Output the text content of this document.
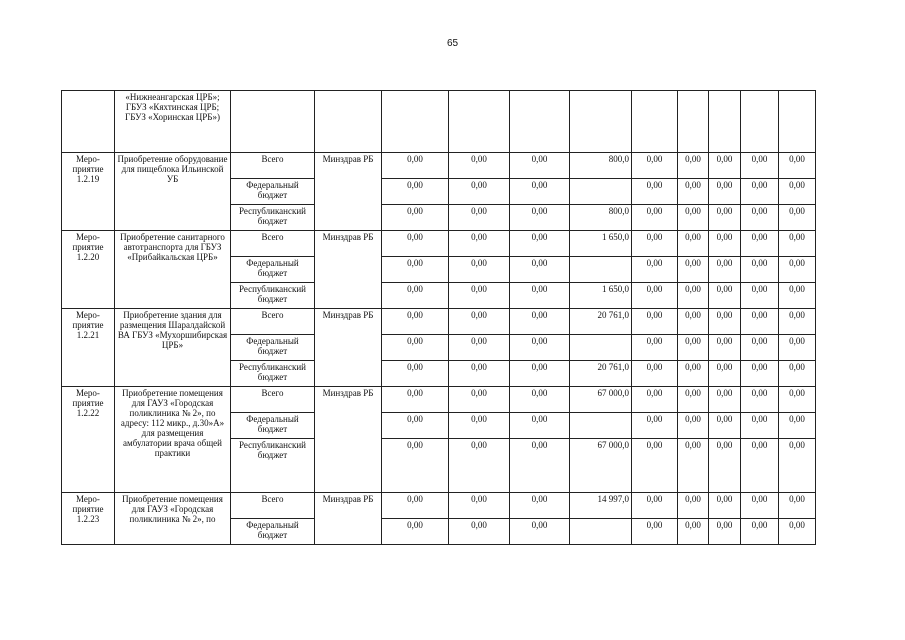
65
	«Нижнеангарская ЦРБ»; ГБУЗ «Кяхтинская ЦРБ; ГБУЗ «Хоринская ЦРБ»)											
Меро-приятие 1.2.19	Приобретение оборудование для пищеблока Ильинской УБ	Всего	Минздрав РБ	0,00	0,00	0,00	800,0	0,00	0,00	0,00	0,00	0,00
		Федеральный бюджет		0,00	0,00	0,00		0,00	0,00	0,00	0,00	0,00
		Республиканский бюджет		0,00	0,00	0,00	800,0	0,00	0,00	0,00	0,00	0,00
Меро-приятие 1.2.20	Приобретение санитарного автотранспорта для ГБУЗ «Прибайкальская ЦРБ»	Всего	Минздрав РБ	0,00	0,00	0,00	1 650,0	0,00	0,00	0,00	0,00	0,00
		Федеральный бюджет		0,00	0,00	0,00		0,00	0,00	0,00	0,00	0,00
		Республиканский бюджет		0,00	0,00	0,00	1 650,0	0,00	0,00	0,00	0,00	0,00
Меро-приятие 1.2.21	Приобретение здания для размещения Шаралдайской ВА ГБУЗ «Мухоршибирская ЦРБ»	Всего	Минздрав РБ	0,00	0,00	0,00	20 761,0	0,00	0,00	0,00	0,00	0,00
		Федеральный бюджет		0,00	0,00	0,00		0,00	0,00	0,00	0,00	0,00
		Республиканский бюджет		0,00	0,00	0,00	20 761,0	0,00	0,00	0,00	0,00	0,00
Меро-приятие 1.2.22	Приобретение помещения для ГАУЗ «Городская поликлиника № 2», по адресу: 112 микр., д.30»А» для размещения амбулатории врача общей практики	Всего	Минздрав РБ	0,00	0,00	0,00	67 000,0	0,00	0,00	0,00	0,00	0,00
		Федеральный бюджет		0,00	0,00	0,00		0,00	0,00	0,00	0,00	0,00
		Республиканский бюджет		0,00	0,00	0,00	67 000,0	0,00	0,00	0,00	0,00	0,00
Меро-приятие 1.2.23	Приобретение помещения для ГАУЗ «Городская поликлиника № 2», по	Всего	Минздрав РБ	0,00	0,00	0,00	14 997,0	0,00	0,00	0,00	0,00	0,00
		Федеральный бюджет		0,00	0,00	0,00		0,00	0,00	0,00	0,00	0,00
